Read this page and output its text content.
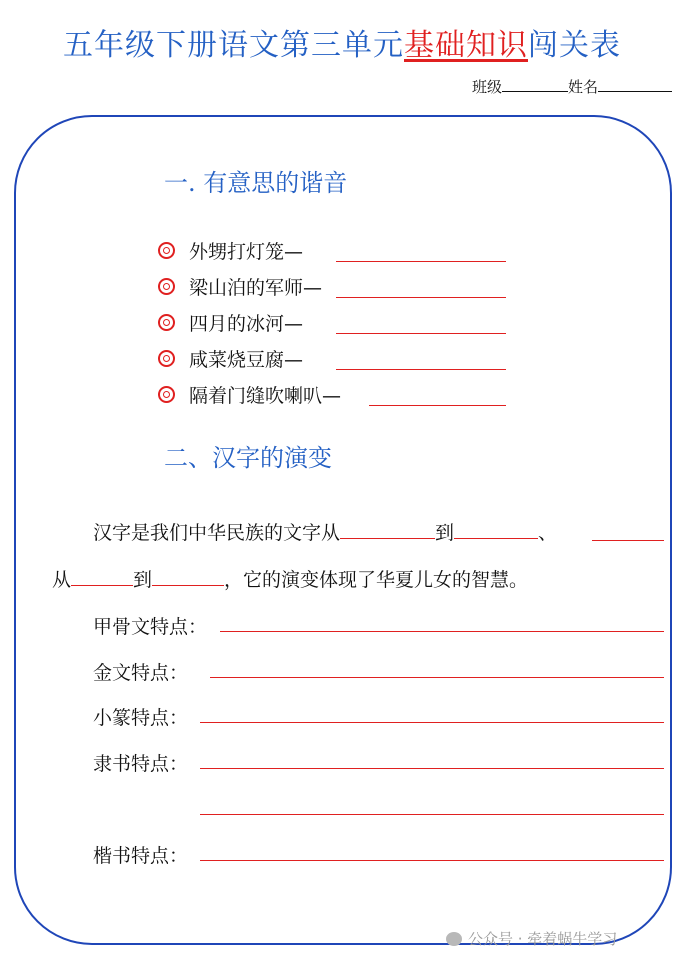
五年级下册语文第三单元基础知识闯关表
班级	姓名
一. 有意思的谐音
外甥打灯笼—
梁山泊的军师—
四月的冰河—
咸菜烧豆腐—
隔着门缝吹喇叭—
二、汉字的演变
汉字是我们中华民族的文字从	到	、
从	到	，它的演变体现了华夏儿女的智慧。
甲骨文特点：
金文特点：
小篆特点：
隶书特点：
楷书特点：
公众号 · 牵着蜗牛学习
